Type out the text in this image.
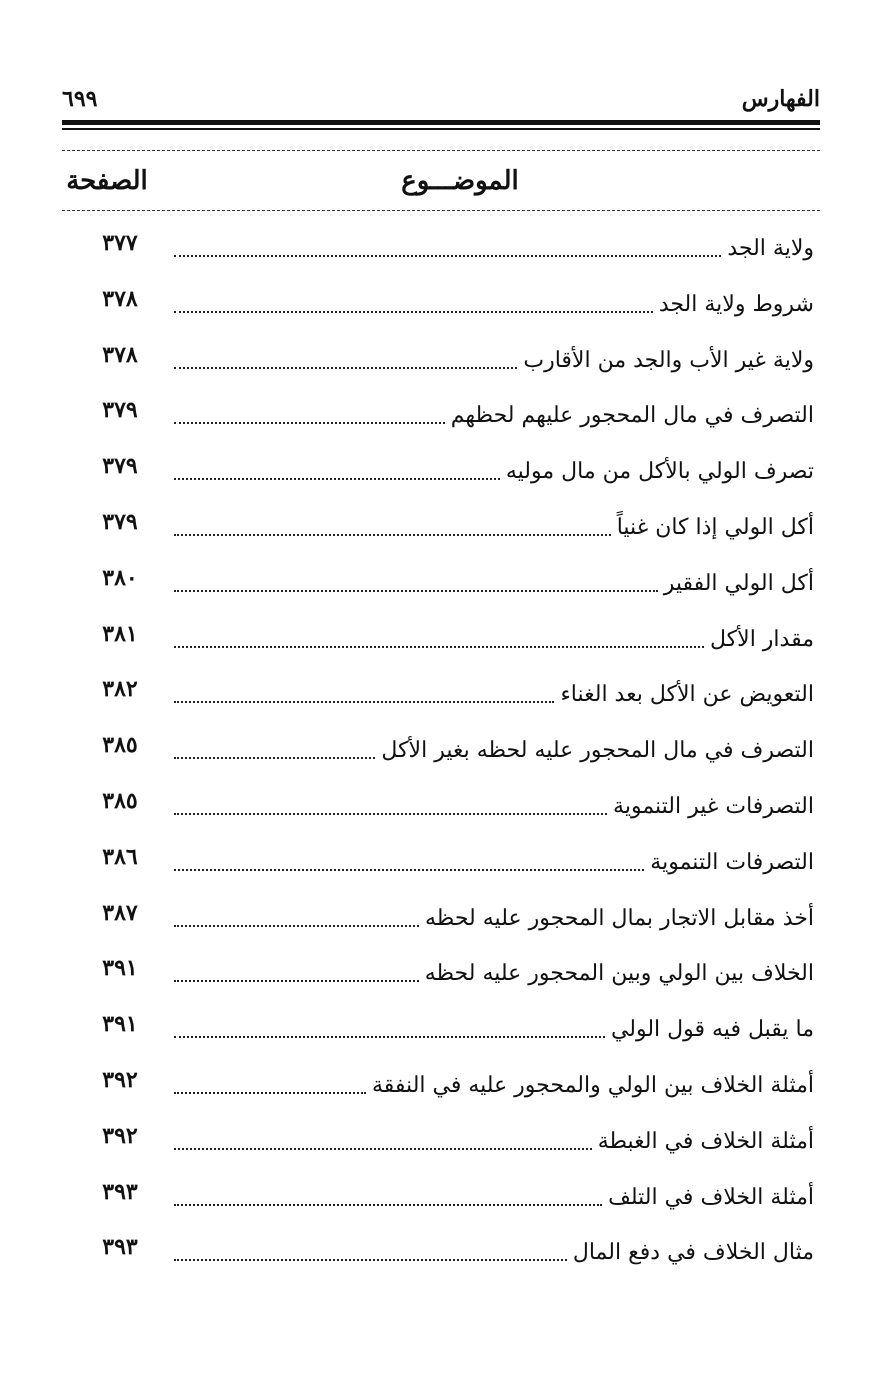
الفهارس
٦٩٩
الموضـــوع
الصفحة
ولاية الجد
٣٧٧
شروط ولاية الجد
٣٧٨
ولاية غير الأب والجد من الأقارب
٣٧٨
التصرف في مال المحجور عليهم لحظهم
٣٧٩
تصرف الولي بالأكل من مال موليه
٣٧٩
أكل الولي إذا كان غنياً
٣٧٩
أكل الولي الفقير
٣٨٠
مقدار الأكل
٣٨١
التعويض عن الأكل بعد الغناء
٣٨٢
التصرف في مال المحجور عليه لحظه بغير الأكل
٣٨٥
التصرفات غير التنموية
٣٨٥
التصرفات التنموية
٣٨٦
أخذ مقابل الاتجار بمال المحجور عليه لحظه
٣٨٧
الخلاف بين الولي وبين المحجور عليه لحظه
٣٩١
ما يقبل فيه قول الولي
٣٩١
أمثلة الخلاف بين الولي والمحجور عليه في النفقة
٣٩٢
أمثلة الخلاف في الغبطة
٣٩٢
أمثلة الخلاف في التلف
٣٩٣
مثال الخلاف في دفع المال
٣٩٣
